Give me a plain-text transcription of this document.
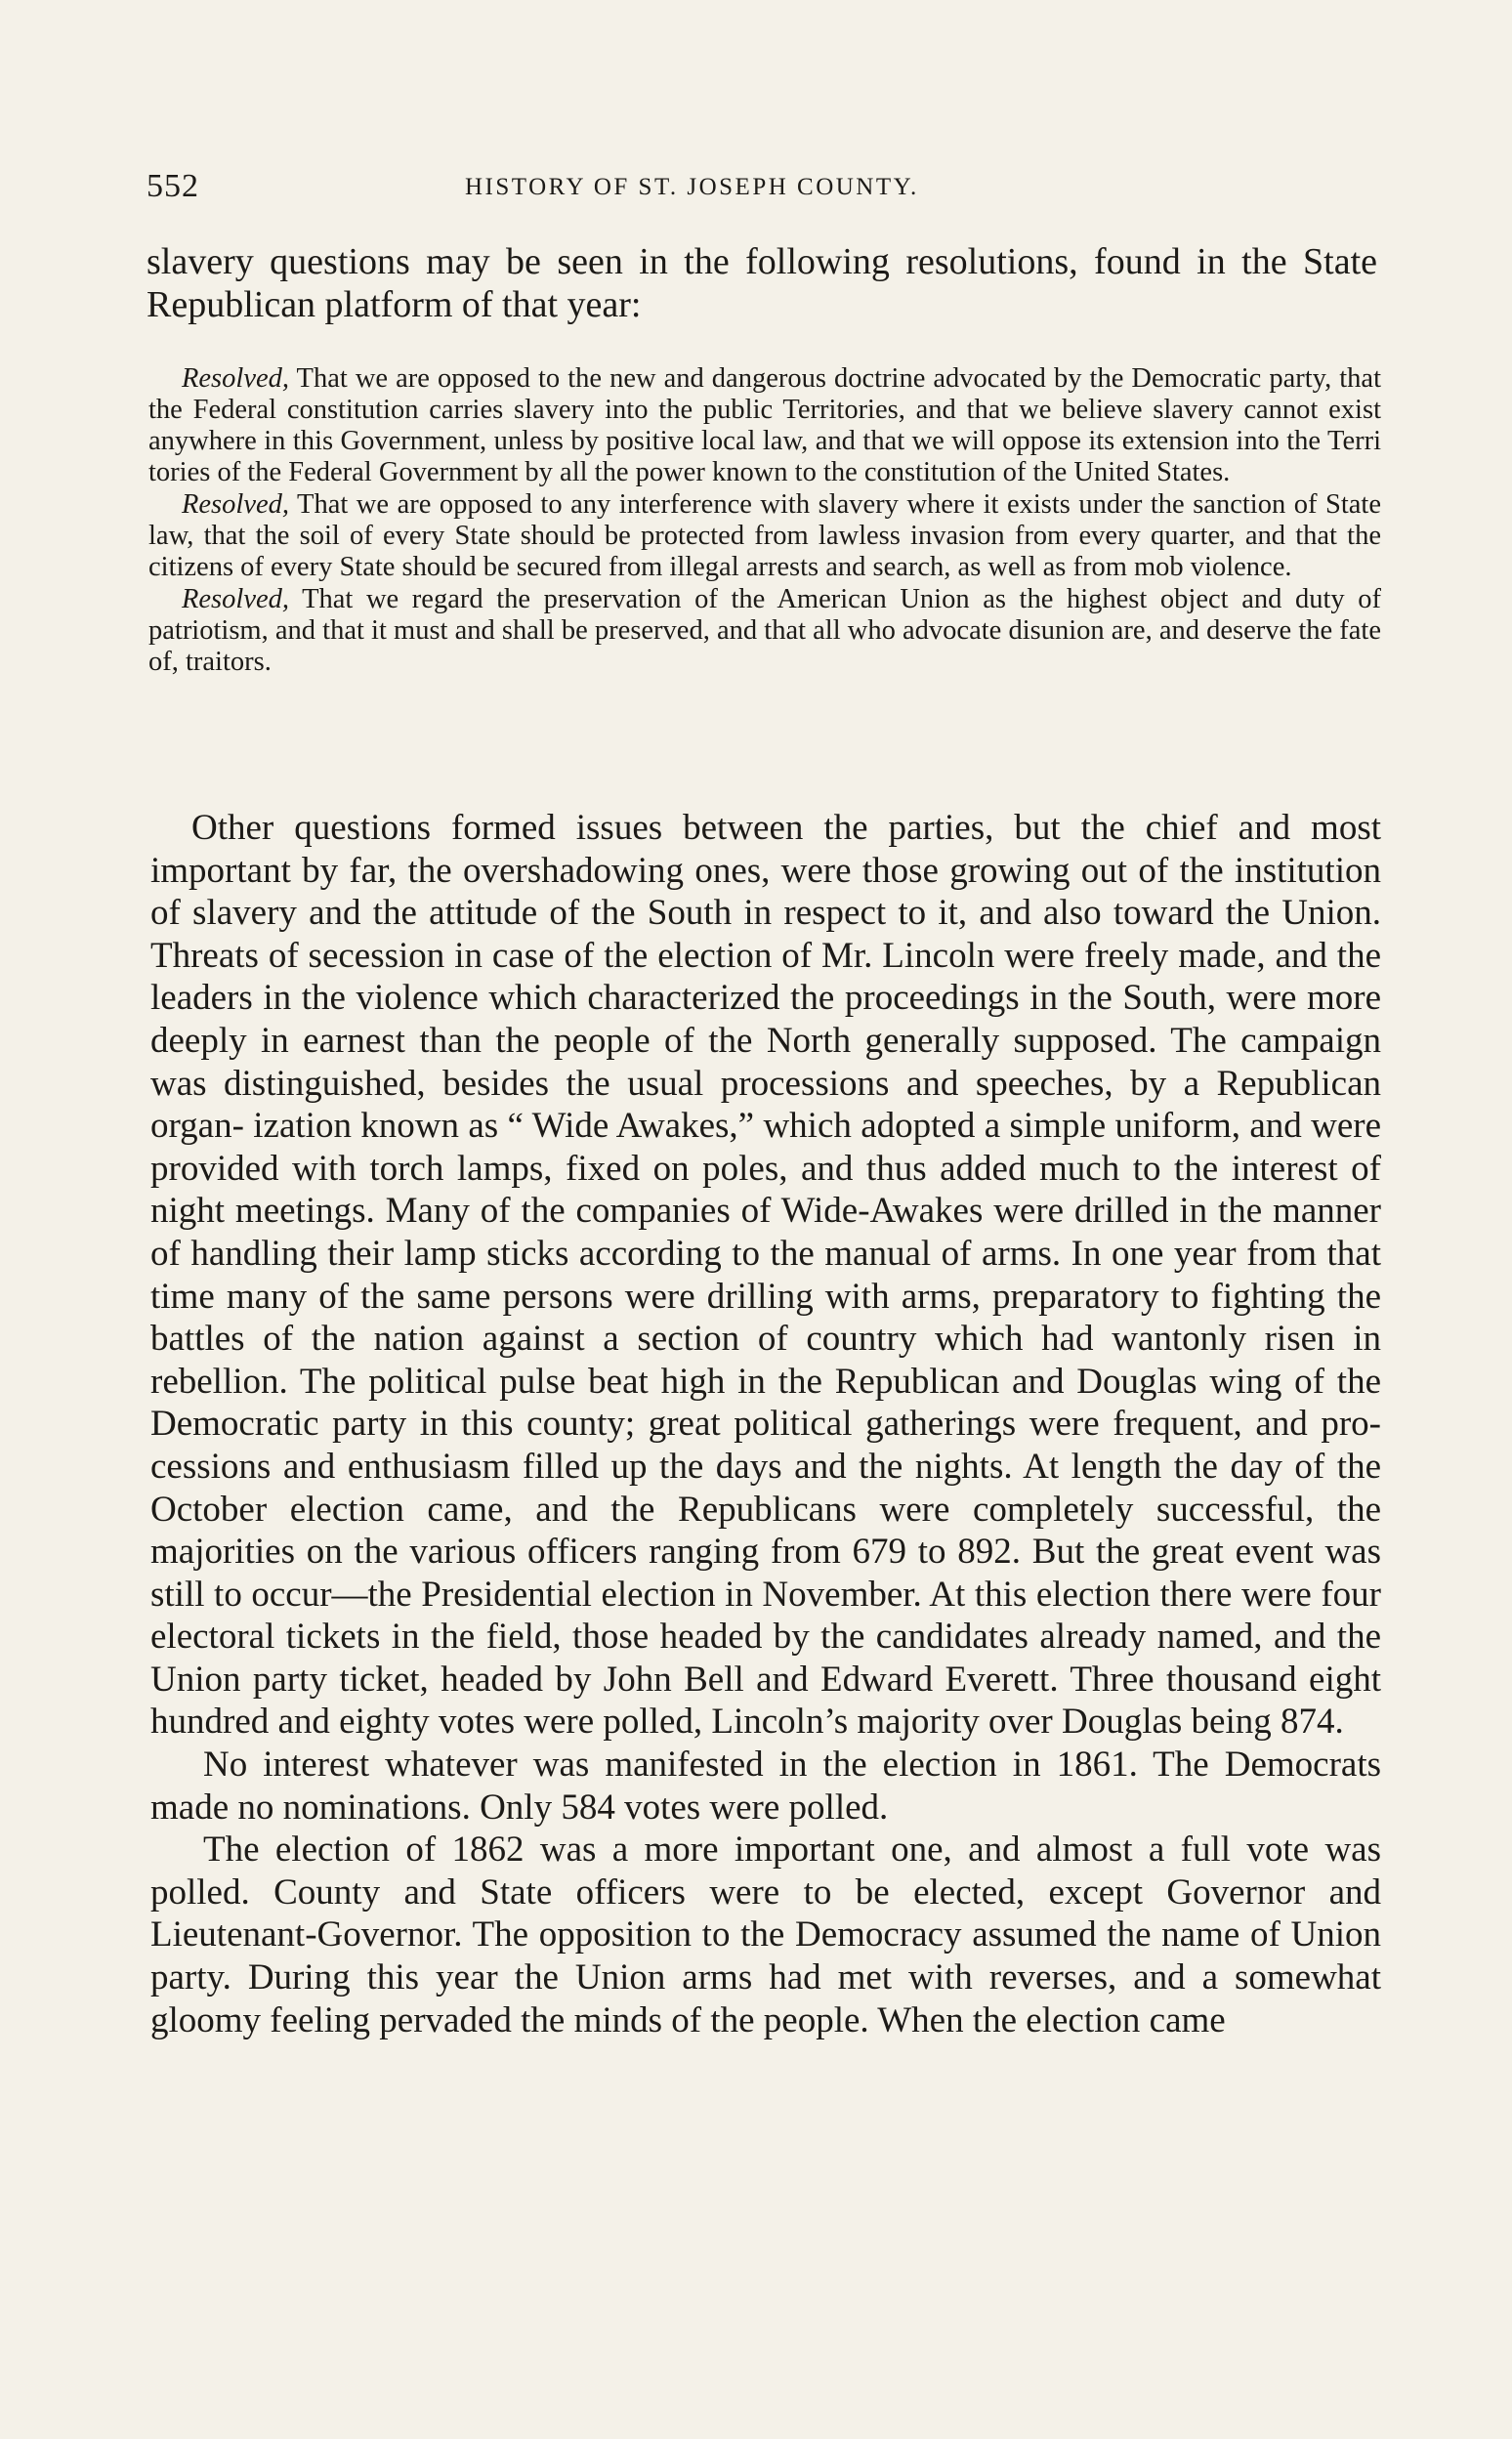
552	HISTORY OF ST. JOSEPH COUNTY.
slavery questions may be seen in the following resolutions, found in the State Republican platform of that year:

Resolved, That we are opposed to the new and dangerous doctrine advocated by the Democratic party, that the Federal constitution carries slavery into the public Territories, and that we believe slavery cannot exist anywhere in this Government, unless by positive local law, and that we will oppose its extension into the Terri tories of the Federal Government by all the power known to the constitution of the United States.

Resolved, That we are opposed to any interference with slavery where it exists under the sanction of State law, that the soil of every State should be protected from lawless invasion from every quarter, and that the citizens of every State should be secured from illegal arrests and search, as well as from mob violence.

Resolved, That we regard the preservation of the American Union as the highest object and duty of patriotism, and that it must and shall be preserved, and that all who advocate disunion are, and deserve the fate of, traitors.

Other questions formed issues between the parties, but the chief and most important by far, the overshadowing ones, were those growing out of the institution of slavery and the attitude of the South in respect to it, and also toward the Union. Threats of secession in case of the election of Mr. Lincoln were freely made, and the leaders in the violence which characterized the proceedings in the South, were more deeply in earnest than the people of the North generally supposed. The campaign was distinguished, besides the usual processions and speeches, by a Republican organ- ization known as “ Wide Awakes,” which adopted a simple uniform, and were provided with torch lamps, fixed on poles, and thus added much to the interest of night meetings. Many of the companies of Wide-Awakes were drilled in the manner of handling their lamp sticks according to the manual of arms. In one year from that time many of the same persons were drilling with arms, preparatory to fighting the battles of the nation against a section of country which had wantonly risen in rebellion. The political pulse beat high in the Republican and Douglas wing of the Democratic party in this county; great political gatherings were frequent, and pro- cessions and enthusiasm filled up the days and the nights. At length the day of the October election came, and the Republicans were completely successful, the majorities on the various officers ranging from 679 to 892. But the great event was still to occur—the Presidential election in November. At this election there were four electoral tickets in the field, those headed by the candidates already named, and the Union party ticket, headed by John Bell and Edward Everett. Three thousand eight hundred and eighty votes were polled, Lincoln’s majority over Douglas being 874.

No interest whatever was manifested in the election in 1861. The Democrats made no nominations. Only 584 votes were polled.

The election of 1862 was a more important one, and almost a full vote was polled. County and State officers were to be elected, except Governor and Lieutenant-Governor. The opposition to the Democracy assumed the name of Union party. During this year the Union arms had met with reverses, and a somewhat gloomy feeling pervaded the minds of the people. When the election came
